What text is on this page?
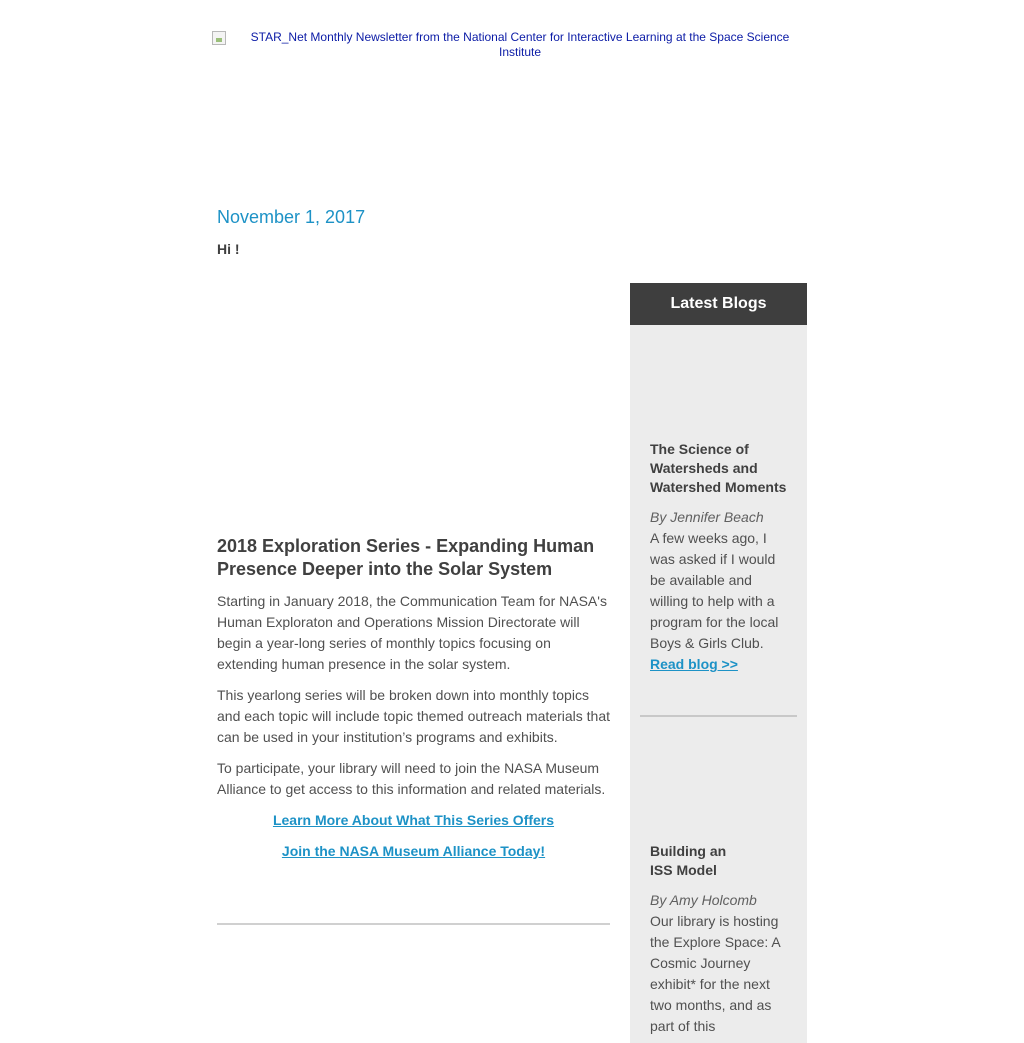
STAR_Net Monthly Newsletter from the National Center for Interactive Learning at the Space Science Institute
November 1, 2017
Hi !
2018 Exploration Series - Expanding Human Presence Deeper into the Solar System

Starting in January 2018, the Communication Team for NASA's Human Exploraton and Operations Mission Directorate will begin a year-long series of monthly topics focusing on extending human presence in the solar system.

This yearlong series will be broken down into monthly topics and each topic will include topic themed outreach materials that can be used in your institution’s programs and exhibits.

To participate, your library will need to join the NASA Museum Alliance to get access to this information and related materials.

Learn More About What This Series Offers
Join the NASA Museum Alliance Today!
Latest Blogs
The Science of Watersheds and Watershed Moments
By Jennifer Beach
A few weeks ago, I was asked if I would be available and willing to help with a program for the local Boys & Girls Club.
Read blog >>
Building an ISS Model
By Amy Holcomb
Our library is hosting the Explore Space: A Cosmic Journey exhibit* for the next two months, and as part of this
